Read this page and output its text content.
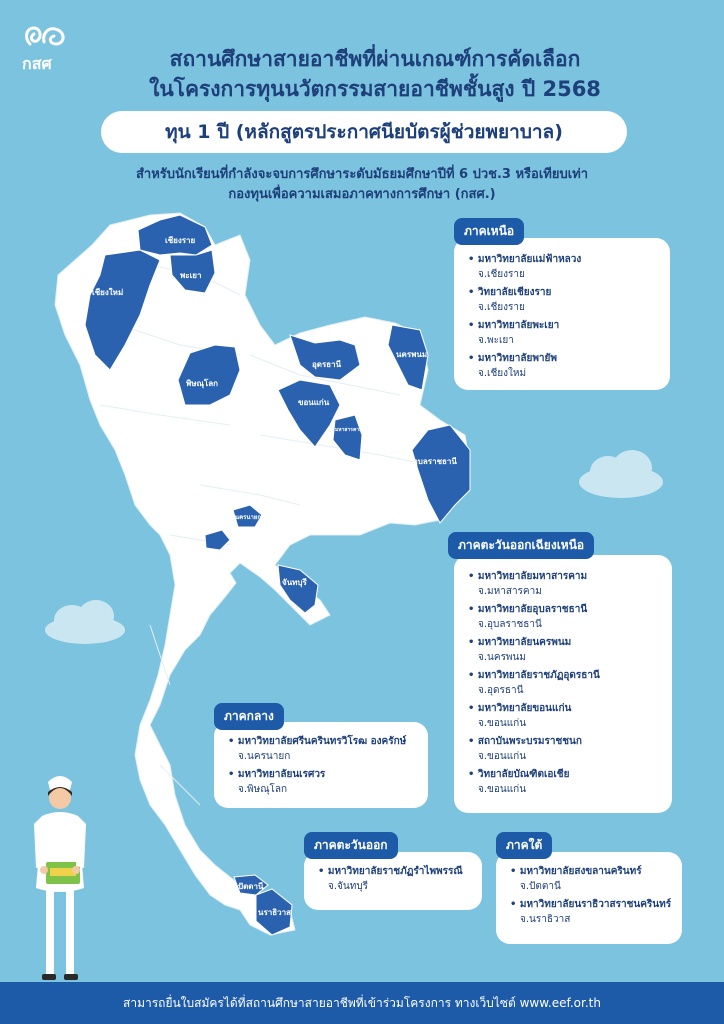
กสศ	สถานศึกษาสายอาชีพที่ผ่านเกณฑ์การคัดเลือก
ในโครงการทุนนวัตกรรมสายอาชีพชั้นสูง ปี 2568
ทุน 1 ปี (หลักสูตรประกาศนียบัตรผู้ช่วยพยาบาล)
สำหรับนักเรียนที่กำลังจะจบการศึกษาระดับมัธยมศึกษาปีที่ 6 ปวช.3 หรือเทียบเท่า
กองทุนเพื่อความเสมอภาคทางการศึกษา (กสศ.)
เชียงราย
พะเยา
เชียงใหม่
พิษณุโลก
อุดรธานี
นครพนม
ขอนแก่น
มหาสารคาม
อุบลราชธานี
นครนายก
กรุงเทพมหานคร
จันทบุรี
ปัตตานี
นราธิวาส
• มหาวิทยาลัยแม่ฟ้าหลวง
จ.เชียงราย
• วิทยาลัยเชียงราย
จ.เชียงราย
• มหาวิทยาลัยพะเยา
จ.พะเยา
• มหาวิทยาลัยพายัพ
จ.เชียงใหม่
ภาคเหนือ
• มหาวิทยาลัยมหาสารคาม
จ.มหาสารคาม
• มหาวิทยาลัยอุบลราชธานี
จ.อุบลราชธานี
• มหาวิทยาลัยนครพนม
จ.นครพนม
• มหาวิทยาลัยราชภัฏอุดรธานี
จ.อุดรธานี
• มหาวิทยาลัยขอนแก่น
จ.ขอนแก่น
• สถาบันพระบรมราชชนก
จ.ขอนแก่น
• วิทยาลัยบัณฑิตเอเชีย
จ.ขอนแก่น
ภาคตะวันออกเฉียงเหนือ
• มหาวิทยาลัยศรีนครินทรวิโรฒ องครักษ์
จ.นครนายก
• มหาวิทยาลัยนเรศวร
จ.พิษณุโลก
ภาคกลาง
• มหาวิทยาลัยราชภัฏรำไพพรรณี
จ.จันทบุรี
ภาคตะวันออก
• มหาวิทยาลัยสงขลานครินทร์
จ.ปัตตานี
• มหาวิทยาลัยนราธิวาสราชนครินทร์
จ.นราธิวาส
ภาคใต้
สามารถยื่นใบสมัครได้ที่สถานศึกษาสายอาชีพที่เข้าร่วมโครงการ ทางเว็บไซต์ www.eef.or.th
